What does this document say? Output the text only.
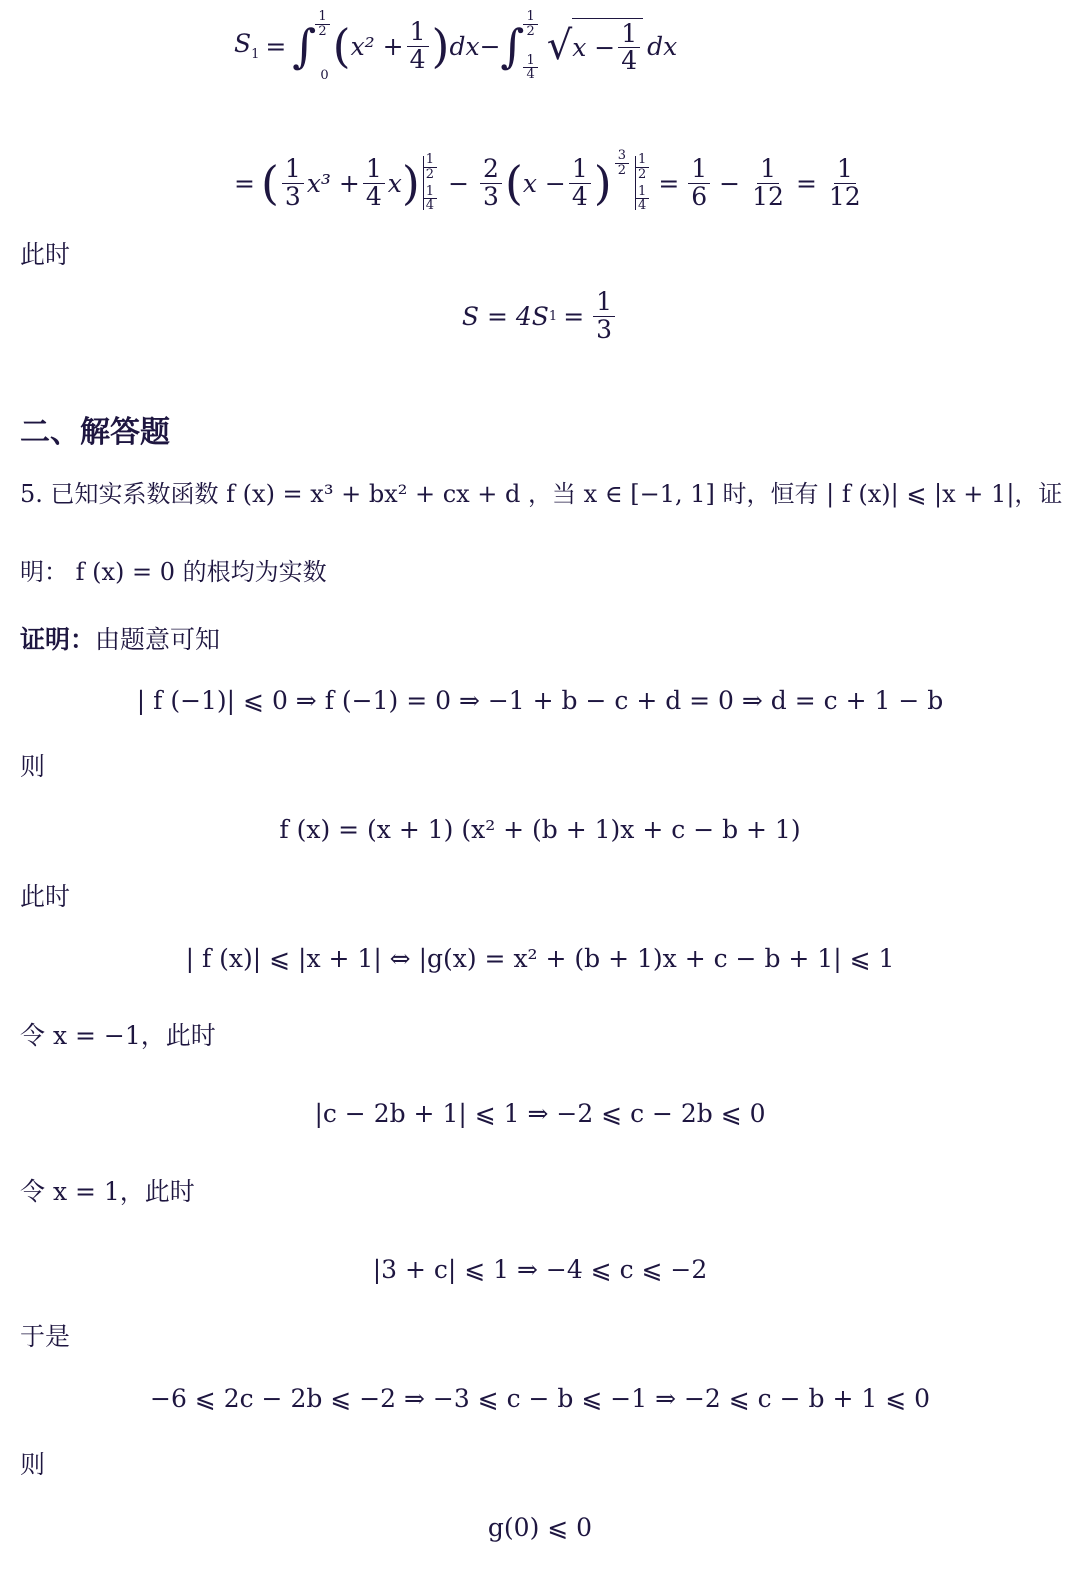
$S_1$ = ∫ $\frac{1}{2}$
0
( $x^2 + \frac{1}{4}$ ) dx − ∫ $\frac{1}{2}$
$\frac{1}{4}$ √ $x - \frac{1}{4}$ dx
= ( $\frac{1}{3} x^3 + \frac{1}{4}$ x ) $\frac{1}{2}$
$\frac{1}{4}$
− $\frac{2}{3}$ ( $x - \frac{1}{4}$ ) $\frac{3}{2} \frac{1}{2}$
$\frac{1}{4}$
= $\frac{1}{6} - \frac{1}{12} = \frac{1}{12}$
此时
S = 4S $1 = \frac{1}{3}$
二、解答题
5. 已知实系数函数 f (x) = x³ + bx² + cx + d ，当 x ∈ [−1, 1] 时，恒有 | f (x)| ⩽ |x + 1|，证
明： f (x) = 0 的根均为实数
证明：由题意可知
| f (−1)| ⩽ 0 ⇒ f (−1) = 0 ⇒ −1 + b − c + d = 0 ⇒ d = c + 1 − b
则
f (x) = (x + 1) (x² + (b + 1)x + c − b + 1)
此时
| f (x)| ⩽ |x + 1| ⇔ |g(x) = x² + (b + 1)x + c − b + 1| ⩽ 1
令 x = −1，此时
|c − 2b + 1| ⩽ 1 ⇒ −2 ⩽ c − 2b ⩽ 0
令 x = 1，此时
|3 + c| ⩽ 1 ⇒ −4 ⩽ c ⩽ −2
于是
−6 ⩽ 2c − 2b ⩽ −2 ⇒ −3 ⩽ c − b ⩽ −1 ⇒ −2 ⩽ c − b + 1 ⩽ 0
则
g(0) ⩽ 0
